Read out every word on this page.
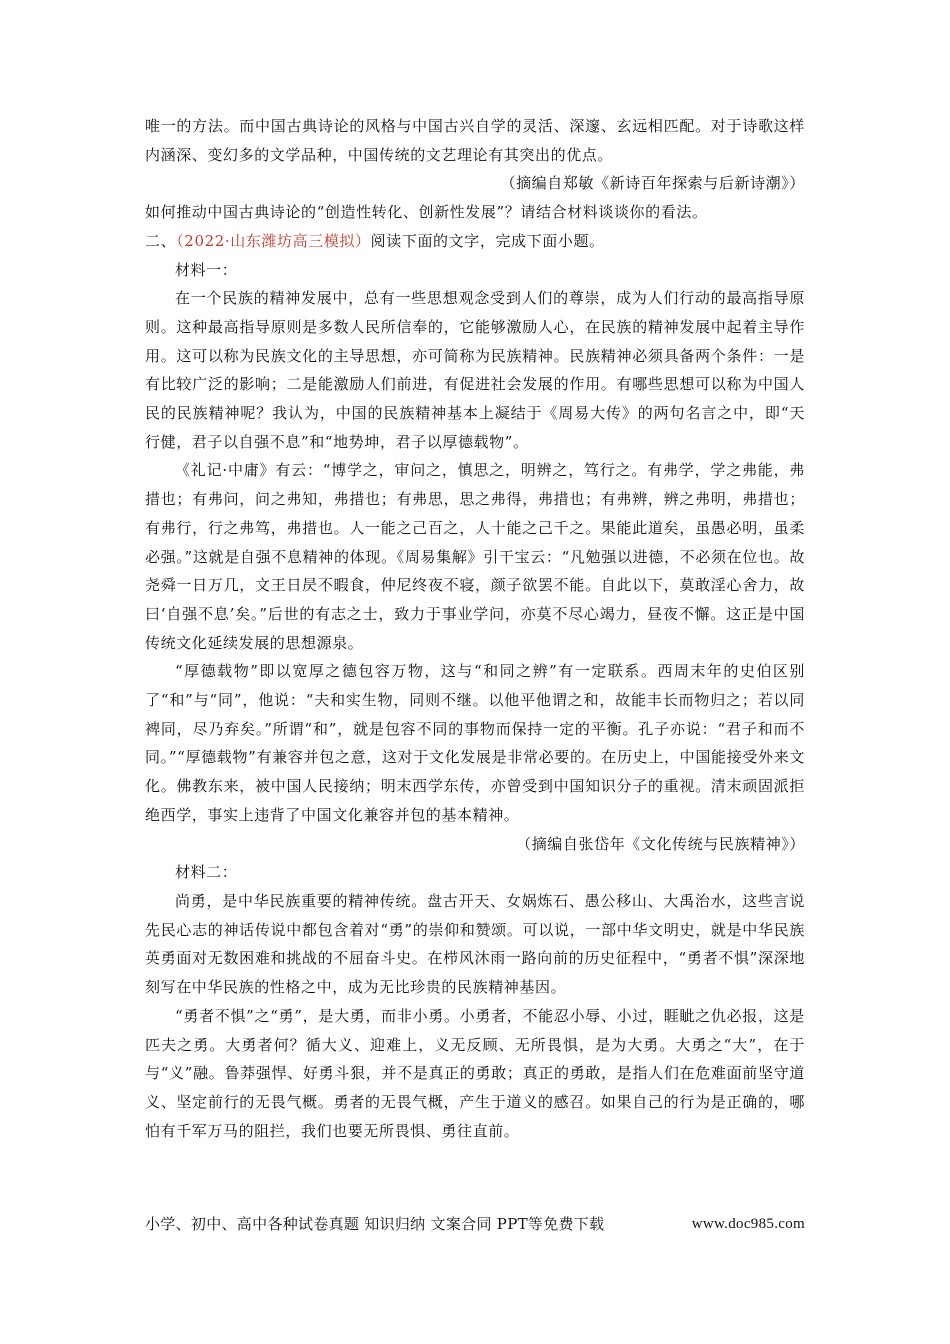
唯一的方法。而中国古典诗论的风格与中国古兴自学的灵活、深邃、玄远相匹配。对于诗歌这样内涵深、变幻多的文学品种，中国传统的文艺理论有其突出的优点。

（摘编自郑敏《新诗百年探索与后新诗潮》）

如何推动中国古典诗论的“创造性转化、创新性发展”？请结合材料谈谈你的看法。

二、（2022·山东潍坊高三模拟）阅读下面的文字，完成下面小题。

材料一：

在一个民族的精神发展中，总有一些思想观念受到人们的尊崇，成为人们行动的最高指导原则。这种最高指导原则是多数人民所信奉的，它能够激励人心，在民族的精神发展中起着主导作用。这可以称为民族文化的主导思想，亦可简称为民族精神。民族精神必须具备两个条件：一是有比较广泛的影响；二是能激励人们前进，有促进社会发展的作用。有哪些思想可以称为中国人民的民族精神呢？我认为，中国的民族精神基本上凝结于《周易大传》的两句名言之中，即“天行健，君子以自强不息”和“地势坤，君子以厚德载物”。

《礼记·中庸》有云：“博学之，审问之，慎思之，明辨之，笃行之。有弗学，学之弗能，弗措也；有弗问，问之弗知，弗措也；有弗思，思之弗得，弗措也；有弗辨，辨之弗明，弗措也；有弗行，行之弗笃，弗措也。人一能之己百之，人十能之己千之。果能此道矣，虽愚必明，虽柔必强。”这就是自强不息精神的体现。《周易集解》引干宝云：“凡勉强以进德，不必须在位也。故尧舜一日万几，文王日昃不暇食，仲尼终夜不寝，颜子欲罢不能。自此以下，莫敢淫心舍力，故曰‘自强不息’矣。”后世的有志之士，致力于事业学问，亦莫不尽心竭力，昼夜不懈。这正是中国传统文化延续发展的思想源泉。

“厚德载物”即以宽厚之德包容万物，这与“和同之辨”有一定联系。西周末年的史伯区别了“和”与“同”，他说：“夫和实生物，同则不继。以他平他谓之和，故能丰长而物归之；若以同裨同，尽乃弃矣。”所谓“和”，就是包容不同的事物而保持一定的平衡。孔子亦说：“君子和而不同。”“厚德载物”有兼容并包之意，这对于文化发展是非常必要的。在历史上，中国能接受外来文化。佛教东来，被中国人民接纳；明末西学东传，亦曾受到中国知识分子的重视。清末顽固派拒绝西学，事实上违背了中国文化兼容并包的基本精神。

（摘编自张岱年《文化传统与民族精神》）

材料二：

尚勇，是中华民族重要的精神传统。盘古开天、女娲炼石、愚公移山、大禹治水，这些言说先民心志的神话传说中都包含着对“勇”的崇仰和赞颂。可以说，一部中华文明史，就是中华民族英勇面对无数困难和挑战的不屈奋斗史。在栉风沐雨一路向前的历史征程中，“勇者不惧”深深地刻写在中华民族的性格之中，成为无比珍贵的民族精神基因。

“勇者不惧”之“勇”，是大勇，而非小勇。小勇者，不能忍小辱、小过，睚眦之仇必报，这是匹夫之勇。大勇者何？循大义、迎难上，义无反顾、无所畏惧，是为大勇。大勇之“大”，在于与“义”融。鲁莽强悍、好勇斗狠，并不是真正的勇敢；真正的勇敢，是指人们在危难面前坚守道义、坚定前行的无畏气概。勇者的无畏气概，产生于道义的感召。如果自己的行为是正确的，哪怕有千军万马的阻拦，我们也要无所畏惧、勇往直前。

小学、初中、高中各种试卷真题 知识归纳 文案合同 PPT等免费下载	www.doc985.com
